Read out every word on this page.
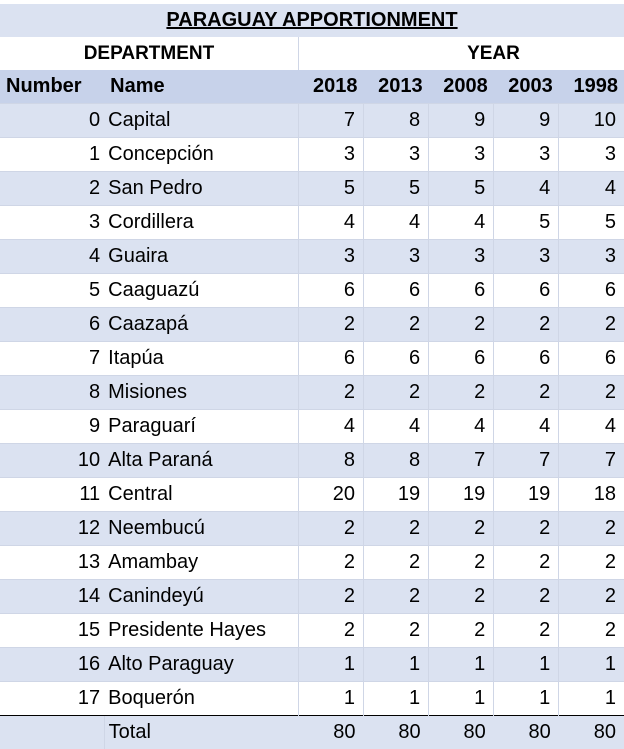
PARAGUAY APPORTIONMENT						
DEPARTMENT		YEAR				
Number	Name	2018	2013	2008	2003	1998
0	Capital	7	8	9	9	10
1	Concepción	3	3	3	3	3
2	San Pedro	5	5	5	4	4
3	Cordillera	4	4	4	5	5
4	Guaira	3	3	3	3	3
5	Caaguazú	6	6	6	6	6
6	Caazapá	2	2	2	2	2
7	Itapúa	6	6	6	6	6
8	Misiones	2	2	2	2	2
9	Paraguarí	4	4	4	4	4
10	Alta Paraná	8	8	7	7	7
11	Central	20	19	19	19	18
12	Neembucú	2	2	2	2	2
13	Amambay	2	2	2	2	2
14	Canindeyú	2	2	2	2	2
15	Presidente Hayes	2	2	2	2	2
16	Alto Paraguay	1	1	1	1	1
17	Boquerón	1	1	1	1	1
	Total	80	80	80	80	80
